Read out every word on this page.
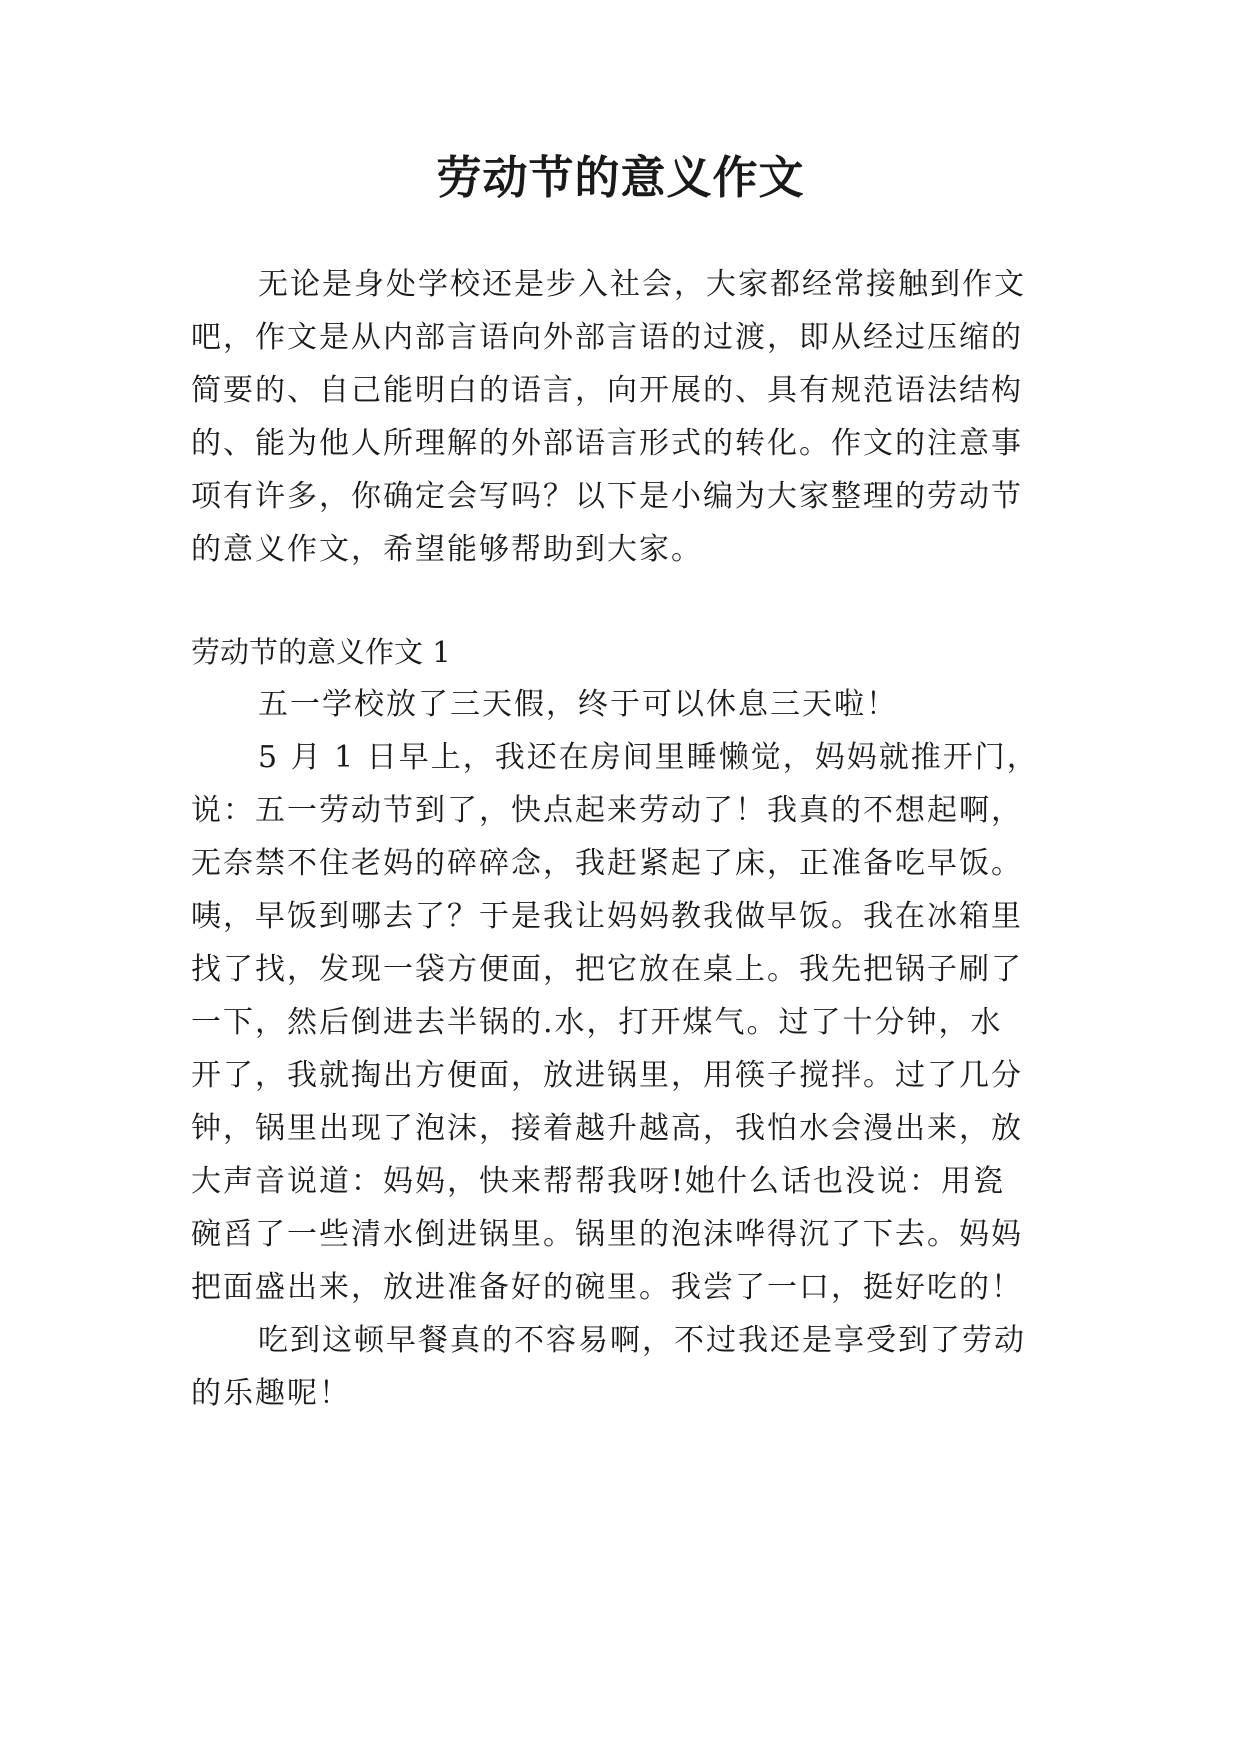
劳动节的意义作文
无论是身处学校还是步入社会，大家都经常接触到作文
吧，作文是从内部言语向外部言语的过渡，即从经过压缩的
简要的、自己能明白的语言，向开展的、具有规范语法结构
的、能为他人所理解的外部语言形式的转化。作文的注意事
项有许多，你确定会写吗？以下是小编为大家整理的劳动节
的意义作文，希望能够帮助到大家。
劳动节的意义作文 1
五一学校放了三天假，终于可以休息三天啦！
5 月 1 日早上，我还在房间里睡懒觉，妈妈就推开门，
说：五一劳动节到了，快点起来劳动了！我真的不想起啊，
无奈禁不住老妈的碎碎念，我赶紧起了床，正准备吃早饭。
咦，早饭到哪去了？于是我让妈妈教我做早饭。我在冰箱里
找了找，发现一袋方便面，把它放在桌上。我先把锅子刷了
一下，然后倒进去半锅的.水，打开煤气。过了十分钟，水
开了，我就掏出方便面，放进锅里，用筷子搅拌。过了几分
钟，锅里出现了泡沫，接着越升越高，我怕水会漫出来，放
大声音说道：妈妈，快来帮帮我呀!她什么话也没说：用瓷
碗舀了一些清水倒进锅里。锅里的泡沫哗得沉了下去。妈妈
把面盛出来，放进准备好的碗里。我尝了一口，挺好吃的！
吃到这顿早餐真的不容易啊，不过我还是享受到了劳动
的乐趣呢！
